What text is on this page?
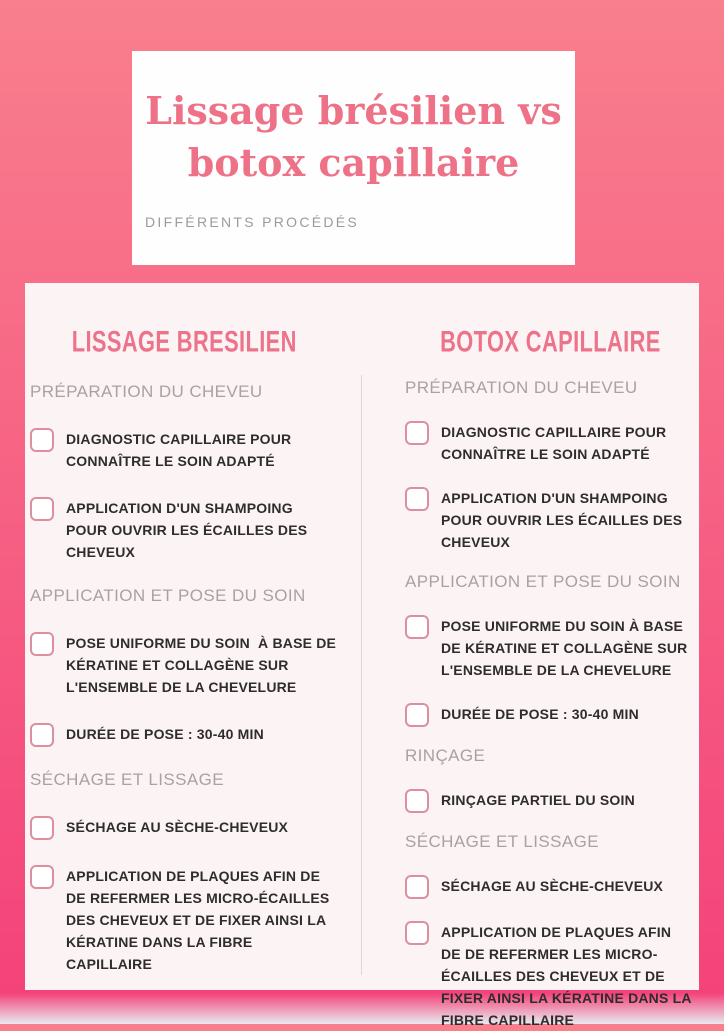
Lissage brésilien vs
botox capillaire
DIFFÉRENTS PROCÉDÉS
LISSAGE BRESILIEN
PRÉPARATION DU CHEVEU
DIAGNOSTIC CAPILLAIRE POUR CONNAÎTRE LE SOIN ADAPTÉ
APPLICATION D'UN SHAMPOING POUR OUVRIR LES ÉCAILLES DES CHEVEUX
APPLICATION ET POSE DU SOIN
POSE UNIFORME DU SOIN  À BASE DE KÉRATINE ET COLLAGÈNE SUR L'ENSEMBLE DE LA CHEVELURE
DURÉE DE POSE : 30-40 MIN
SÉCHAGE ET LISSAGE
SÉCHAGE AU SÈCHE-CHEVEUX
APPLICATION DE PLAQUES AFIN DE DE REFERMER LES MICRO-ÉCAILLES DES CHEVEUX ET DE FIXER AINSI LA KÉRATINE DANS LA FIBRE CAPILLAIRE
BOTOX CAPILLAIRE
PRÉPARATION DU CHEVEU
DIAGNOSTIC CAPILLAIRE POUR CONNAÎTRE LE SOIN ADAPTÉ
APPLICATION D'UN SHAMPOING POUR OUVRIR LES ÉCAILLES DES CHEVEUX
APPLICATION ET POSE DU SOIN
POSE UNIFORME DU SOIN À BASE DE KÉRATINE ET COLLAGÈNE SUR L'ENSEMBLE DE LA CHEVELURE
DURÉE DE POSE : 30-40 MIN
RINÇAGE
RINÇAGE PARTIEL DU SOIN
SÉCHAGE ET LISSAGE
SÉCHAGE AU SÈCHE-CHEVEUX
APPLICATION DE PLAQUES AFIN DE DE REFERMER LES MICRO-ÉCAILLES DES CHEVEUX ET DE FIXER AINSI LA KÉRATINE DANS LA FIBRE CAPILLAIRE
